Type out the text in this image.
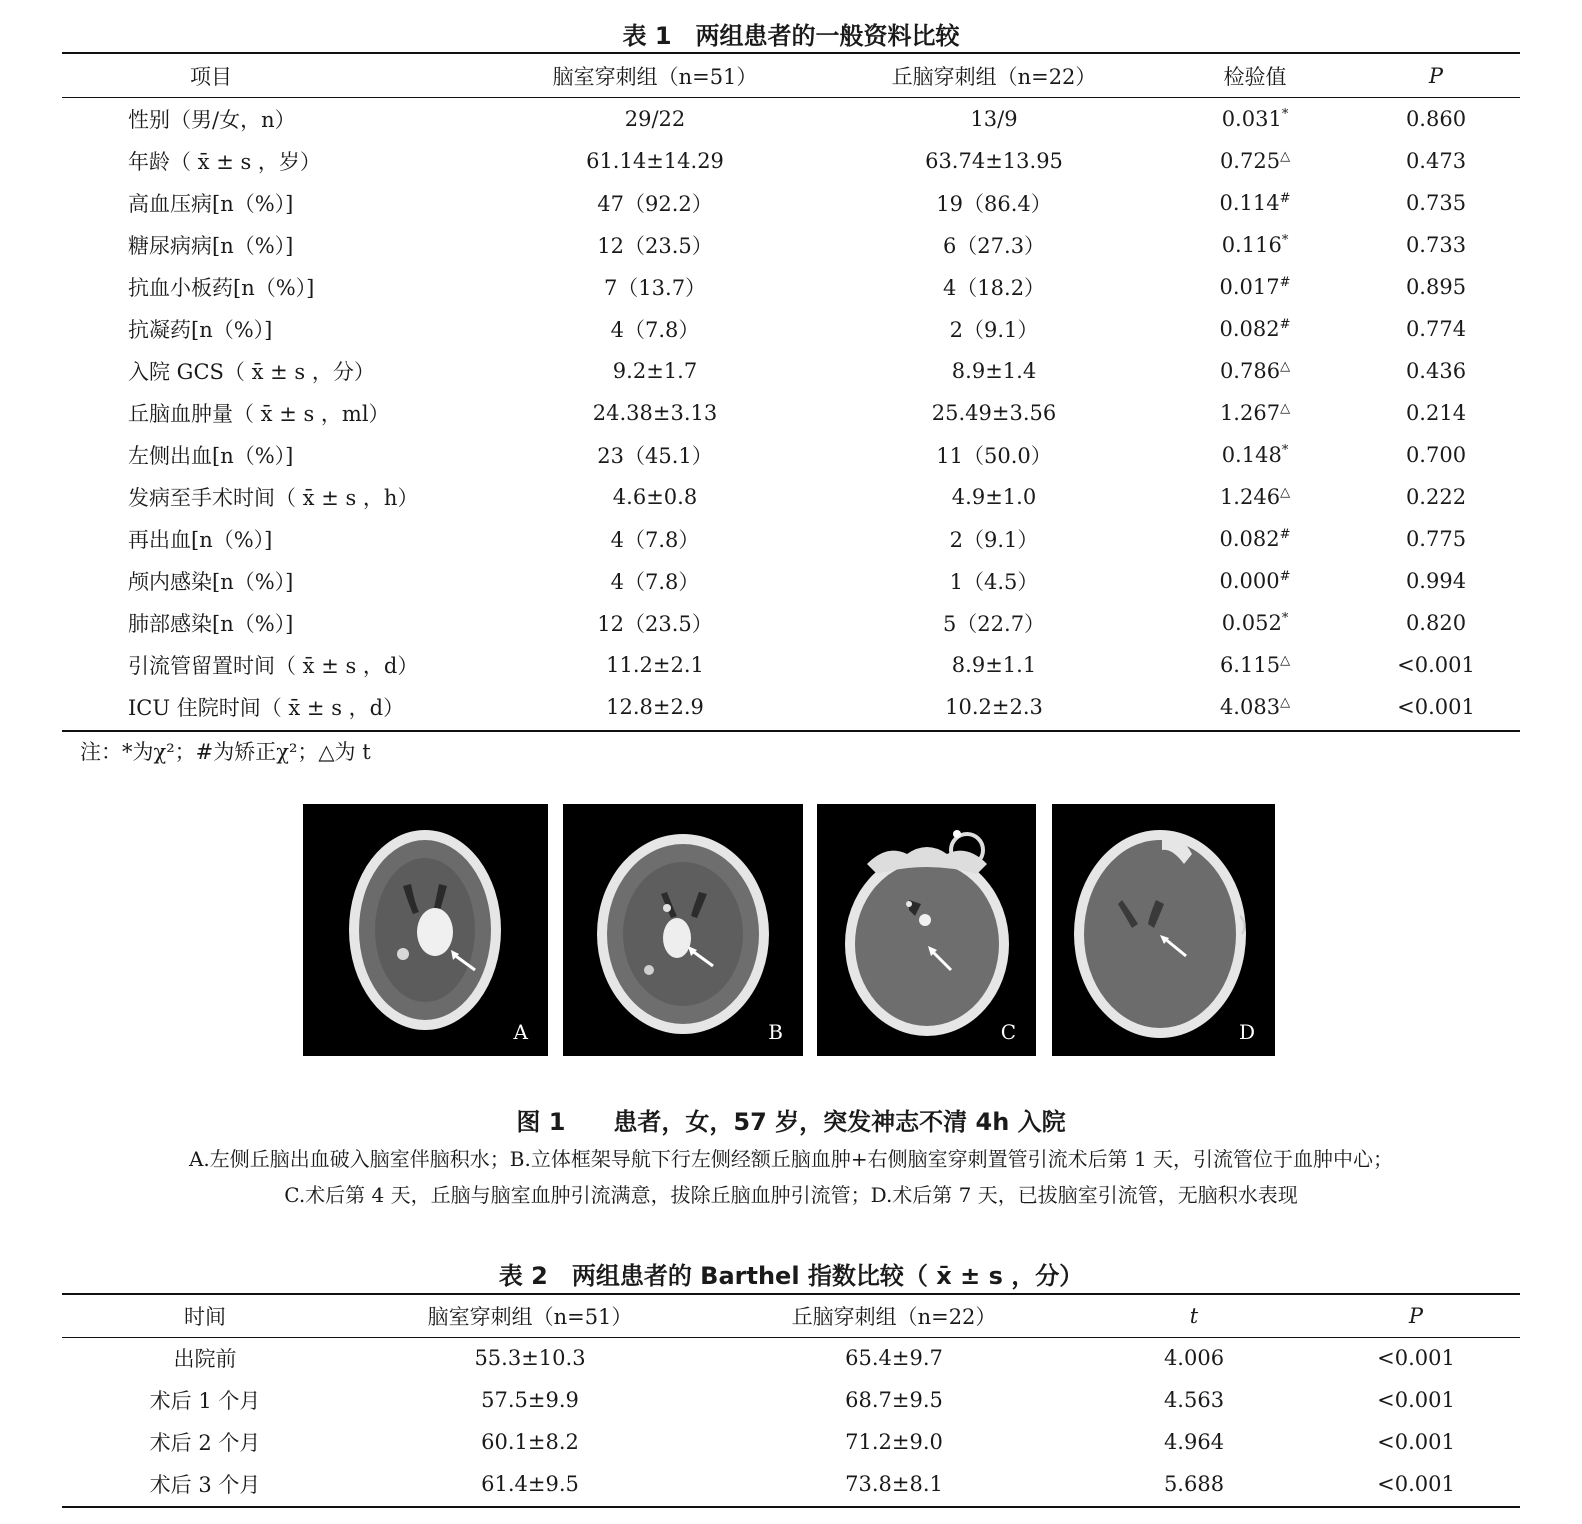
表 1　两组患者的一般资料比较
项目	脑室穿刺组（n=51）	丘脑穿刺组（n=22）	检验值	P
性别（男/女，n）	29/22	13/9	0.031*	0.860
年龄（ x̄ ± s ，岁）	61.14±14.29	63.74±13.95	0.725△	0.473
高血压病[n（%）]	47（92.2）	19（86.4）	0.114#	0.735
糖尿病病[n（%）]	12（23.5）	6（27.3）	0.116*	0.733
抗血小板药[n（%）]	7（13.7）	4（18.2）	0.017#	0.895
抗凝药[n（%）]	4（7.8）	2（9.1）	0.082#	0.774
入院 GCS（ x̄ ± s ，分）	9.2±1.7	8.9±1.4	0.786△	0.436
丘脑血肿量（ x̄ ± s ，ml）	24.38±3.13	25.49±3.56	1.267△	0.214
左侧出血[n（%）]	23（45.1）	11（50.0）	0.148*	0.700
发病至手术时间（ x̄ ± s ，h）	4.6±0.8	4.9±1.0	1.246△	0.222
再出血[n（%）]	4（7.8）	2（9.1）	0.082#	0.775
颅内感染[n（%）]	4（7.8）	1（4.5）	0.000#	0.994
肺部感染[n（%）]	12（23.5）	5（22.7）	0.052*	0.820
引流管留置时间（ x̄ ± s ，d）	11.2±2.1	8.9±1.1	6.115△	<0.001
ICU 住院时间（ x̄ ± s ，d）	12.8±2.9	10.2±2.3	4.083△	<0.001
注：*为χ²；#为矫正χ²；△为 t
A	B	C	D
图 1　　患者，女，57 岁，突发神志不清 4h 入院
A.左侧丘脑出血破入脑室伴脑积水；B.立体框架导航下行左侧经额丘脑血肿+右侧脑室穿刺置管引流术后第 1 天，引流管位于血肿中心；
C.术后第 4 天，丘脑与脑室血肿引流满意，拔除丘脑血肿引流管；D.术后第 7 天，已拔脑室引流管，无脑积水表现
表 2　两组患者的 Barthel 指数比较（ x̄ ± s ，分）
时间	脑室穿刺组（n=51）	丘脑穿刺组（n=22）	t	P
出院前	55.3±10.3	65.4±9.7	4.006	<0.001
术后 1 个月	57.5±9.9	68.7±9.5	4.563	<0.001
术后 2 个月	60.1±8.2	71.2±9.0	4.964	<0.001
术后 3 个月	61.4±9.5	73.8±8.1	5.688	<0.001
